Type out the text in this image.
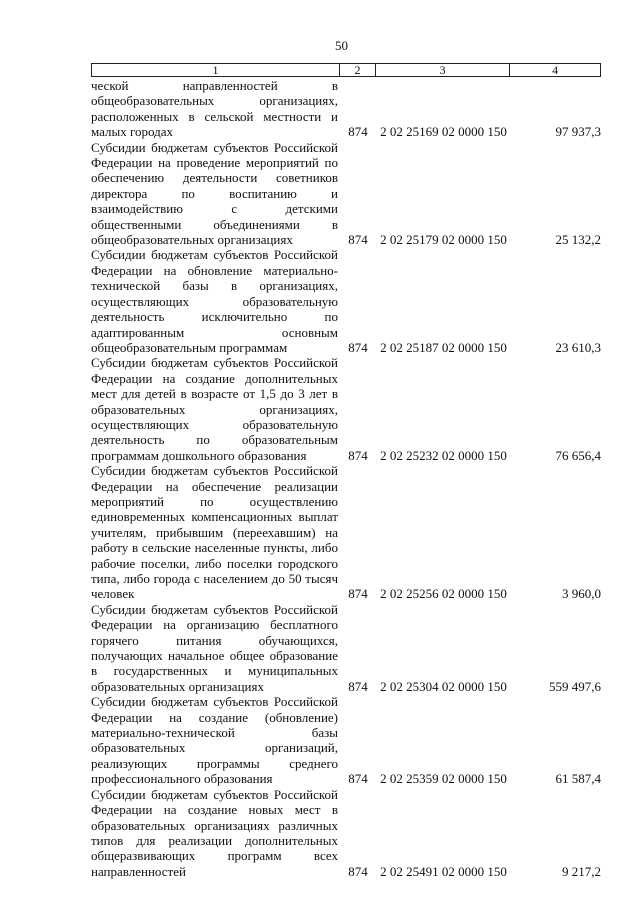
50
1	2	3	4
ческой направленностей в общеобразовательных организациях, расположенных в сельской местности и малых городах	874 2 02 25169 02 0000 150	97 937,3
Субсидии бюджетам субъектов Российской Федерации на проведение мероприятий по обеспечению деятельности советников директора по воспитанию и взаимодействию с детскими общественными объединениями в общеобразовательных организациях	874 2 02 25179 02 0000 150	25 132,2
Субсидии бюджетам субъектов Российской Федерации на обновление материально-технической базы в организациях, осуществляющих образовательную деятельность исключительно по адаптированным основным общеобразовательным программам	874 2 02 25187 02 0000 150	23 610,3
Субсидии бюджетам субъектов Российской Федерации на создание дополнительных мест для детей в возрасте от 1,5 до 3 лет в образовательных организациях, осуществляющих образовательную деятельность по образовательным программам дошкольного образования	874 2 02 25232 02 0000 150	76 656,4
Субсидии бюджетам субъектов Российской Федерации на обеспечение реализации мероприятий по осуществлению единовременных компенсационных выплат учителям, прибывшим (переехавшим) на работу в сельские населенные пункты, либо рабочие поселки, либо поселки городского типа, либо города с населением до 50 тысяч человек	874 2 02 25256 02 0000 150	3 960,0
Субсидии бюджетам субъектов Российской Федерации на организацию бесплатного горячего питания обучающихся, получающих начальное общее образование в государственных и муниципальных образовательных организациях	874 2 02 25304 02 0000 150	559 497,6
Субсидии бюджетам субъектов Российской Федерации на создание (обновление) материально-технической базы образовательных организаций, реализующих программы среднего профессионального образования	874 2 02 25359 02 0000 150	61 587,4
Субсидии бюджетам субъектов Российской Федерации на создание новых мест в образовательных организациях различных типов для реализации дополнительных общеразвивающих программ всех направленностей	874 2 02 25491 02 0000 150	9 217,2
